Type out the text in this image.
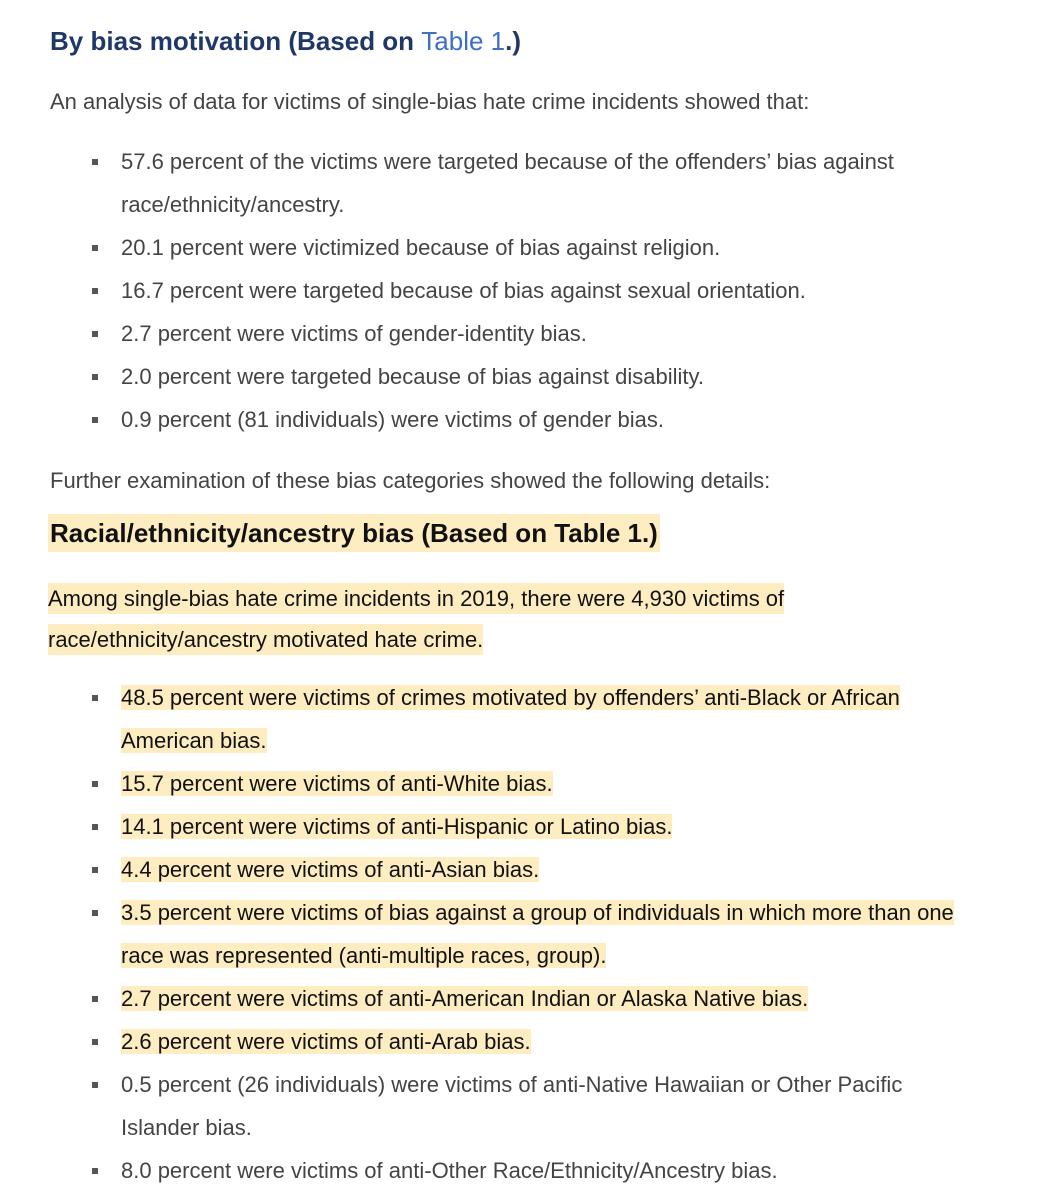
By bias motivation (Based on Table 1.)
An analysis of data for victims of single-bias hate crime incidents showed that:
57.6 percent of the victims were targeted because of the offenders’ bias against
race/ethnicity/ancestry.
20.1 percent were victimized because of bias against religion.
16.7 percent were targeted because of bias against sexual orientation.
2.7 percent were victims of gender-identity bias.
2.0 percent were targeted because of bias against disability.
0.9 percent (81 individuals) were victims of gender bias.
Further examination of these bias categories showed the following details:
Racial/ethnicity/ancestry bias (Based on Table 1.)
Among single-bias hate crime incidents in 2019, there were 4,930 victims of
race/ethnicity/ancestry motivated hate crime.
48.5 percent were victims of crimes motivated by offenders’ anti-Black or African
American bias.
15.7 percent were victims of anti-White bias.
14.1 percent were victims of anti-Hispanic or Latino bias.
4.4 percent were victims of anti-Asian bias.
3.5 percent were victims of bias against a group of individuals in which more than one
race was represented (anti-multiple races, group).
2.7 percent were victims of anti-American Indian or Alaska Native bias.
2.6 percent were victims of anti-Arab bias.
0.5 percent (26 individuals) were victims of anti-Native Hawaiian or Other Pacific
Islander bias.
8.0 percent were victims of anti-Other Race/Ethnicity/Ancestry bias.
